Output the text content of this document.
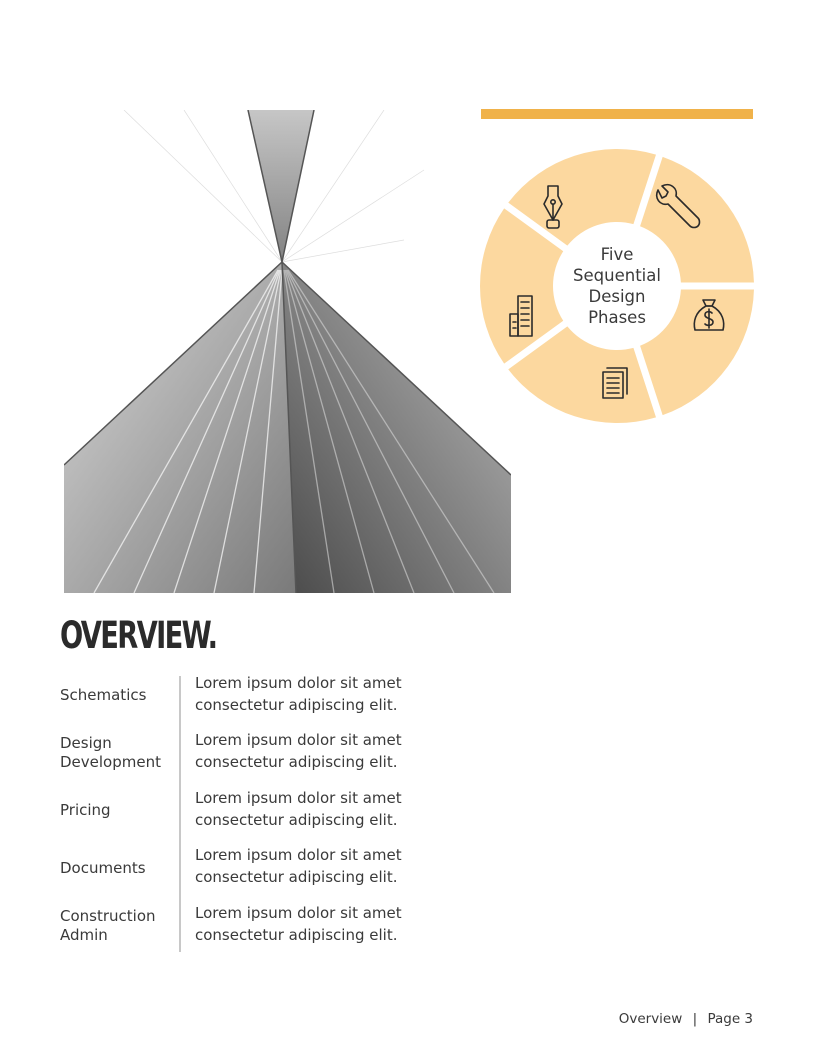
Five
Sequential
Design
Phases
OVERVIEW.
Schematics
Lorem ipsum dolor sit amet
consectetur adipiscing elit.
Design
Development
Lorem ipsum dolor sit amet
consectetur adipiscing elit.
Pricing
Lorem ipsum dolor sit amet
consectetur adipiscing elit.
Documents
Lorem ipsum dolor sit amet
consectetur adipiscing elit.
Construction
Admin
Lorem ipsum dolor sit amet
consectetur adipiscing elit.
Overview | Page 3
